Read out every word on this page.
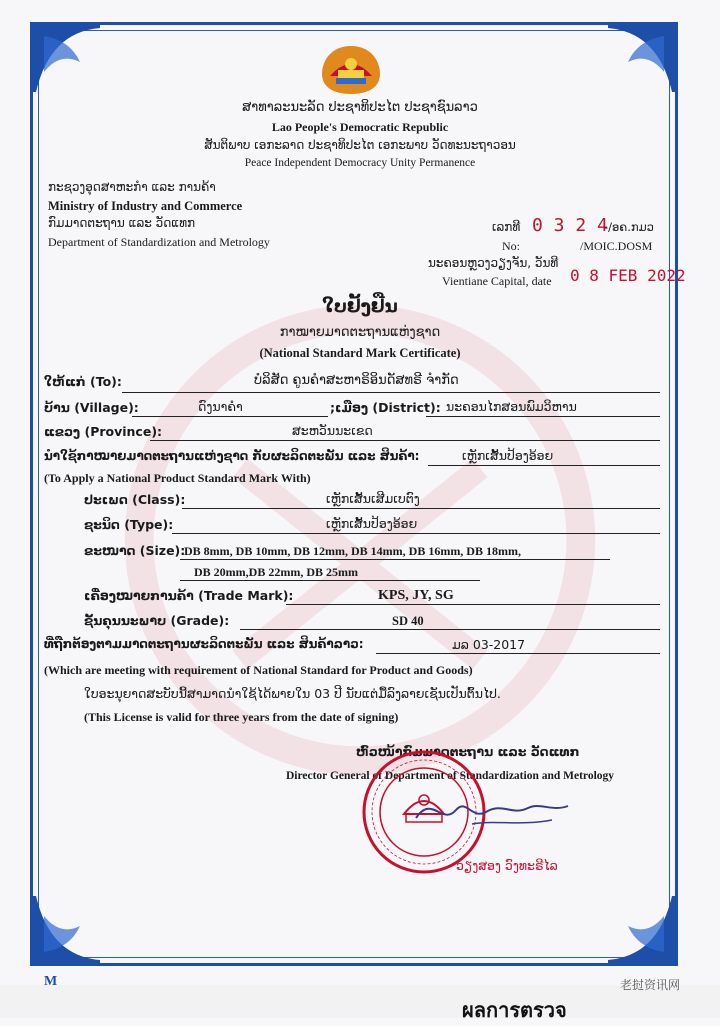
ສາທາລະນະລັດ ປະຊາທິປະໄຕ ປະຊາຊົນລາວ
Lao People's Democratic Republic
ສັນຕິພາບ ເອກະລາດ ປະຊາທິປະໄຕ ເອກະພາບ ວັດທະນະຖາວອນ
Peace Independent Democracy Unity Permanence
ກະຊວງອຸດສາຫະກຳ ແລະ ການຄ້າ
Ministry of Industry and Commerce
ກົມມາດຕະຖານ ແລະ ວັດແທກ
Department of Standardization and Metrology
ເລກທີ 0 3 2 4
-/ອຄ.ກມວ
No:	/MOIC.DOSM
ນະຄອນຫຼວງວຽງຈັນ, ວັນທີ
Vientiane Capital, date 0 8 FEB 2022
ໃບຢັ້ງຢືນ
ກາໝາຍມາດຕະຖານແຫ່ງຊາດ
(National Standard Mark Certificate)
ໃຫ້ແກ່ (To):	ບໍລິສັດ ຄູນຄໍາສະຫາຣິອິນດັສທຣີ ຈໍາກັດ
ບ້ານ (Village):	ດົງນາຄໍາ	;ເມືອງ (District): ນະຄອນໄກສອນພົມວິຫານ
ແຂວງ (Province):	ສະຫວັນນະເຂດ
ນໍາໃຊ້ກາໝາຍມາດຕະຖານແຫ່ງຊາດ ກັບຜະລິດຕະພັນ ແລະ ສິນຄ້າ:	ເຫຼັກເສັ້ນປ້ອງອ້ອຍ
(To Apply a National Product Standard Mark With)
ປະເພດ (Class):	ເຫຼັກເສັ້ນເສີມເບຕົງ
ຊະນິດ (Type):	ເຫຼັກເສັ້ນປ້ອງອ້ອຍ
ຂະໜາດ (Size):
DB 8mm, DB 10mm, DB 12mm, DB 14mm, DB 16mm, DB 18mm,
DB 20mm,DB 22mm, DB 25mm
ເຄື່ອງໝາຍການຄ້າ (Trade Mark):	KPS, JY, SG
ຊັ້ນຄຸນນະພາບ (Grade):	SD 40
ທີ່ຖືກຕ້ອງຕາມມາດຕະຖານຜະລິດຕະພັນ ແລະ ສິນຄ້າລາວ:	ມລ 03-2017
(Which are meeting with requirement of National Standard for Product and Goods)
ໃບອະນຸຍາດສະບັບນີ້ສາມາດນໍາໃຊ້ໄດ້ພາຍໃນ 03 ປີ ນັບແຕ່ມື້ລົງລາຍເຊັນເປັນຕົ້ນໄປ.
(This License is valid for three years from the date of signing)
ຫົວໜ້າກົມມາດຕະຖານ ແລະ ວັດແທກ
Director General of Department of Standardization and Metrology
ວຽງສອງ ວົງທະຣີໄລ
M	老挝资讯网
ผลการตรวจ
